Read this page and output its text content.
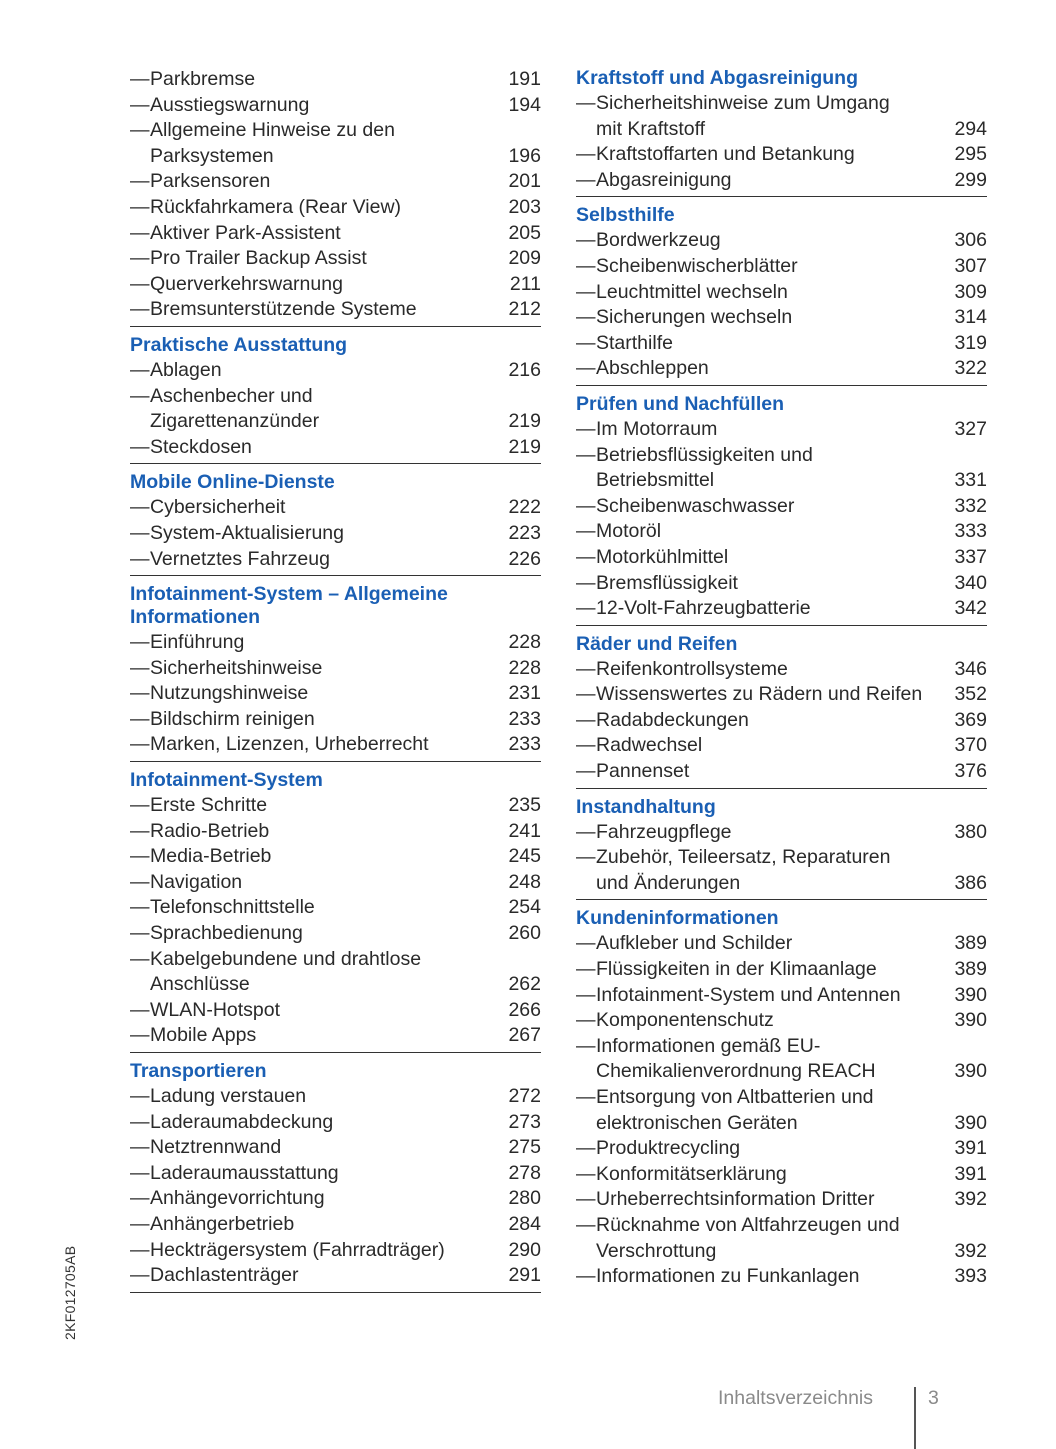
— Parkbremse	191
— Ausstiegswarnung	194
— Allgemeine Hinweise zu den
Parksystemen	196
— Parksensoren	201
— Rückfahrkamera (Rear View)	203
— Aktiver Park-Assistent	205
— Pro Trailer Backup Assist	209
— Querverkehrswarnung	211
— Bremsunterstützende Systeme	212
Praktische Ausstattung
— Ablagen	216
— Aschenbecher und
Zigarettenanzünder	219
— Steckdosen	219
Mobile Online-Dienste
— Cybersicherheit	222
— System-Aktualisierung	223
— Vernetztes Fahrzeug	226
Infotainment-System – Allgemeine
Informationen
— Einführung	228
— Sicherheitshinweise	228
— Nutzungshinweise	231
— Bildschirm reinigen	233
— Marken, Lizenzen, Urheberrecht	233
Infotainment-System
— Erste Schritte	235
— Radio-Betrieb	241
— Media-Betrieb	245
— Navigation	248
— Telefonschnittstelle	254
— Sprachbedienung	260
— Kabelgebundene und drahtlose
Anschlüsse	262
— WLAN-Hotspot	266
— Mobile Apps	267
Transportieren
— Ladung verstauen	272
— Laderaumabdeckung	273
— Netztrennwand	275
— Laderaumausstattung	278
— Anhängevorrichtung	280
— Anhängerbetrieb	284
— Heckträgersystem (Fahrradträger)	290
— Dachlastenträger	291
Kraftstoff und Abgasreinigung
— Sicherheitshinweise zum Umgang
mit Kraftstoff	294
— Kraftstoffarten und Betankung	295
— Abgasreinigung	299
Selbsthilfe
— Bordwerkzeug	306
— Scheibenwischerblätter	307
— Leuchtmittel wechseln	309
— Sicherungen wechseln	314
— Starthilfe	319
— Abschleppen	322
Prüfen und Nachfüllen
— Im Motorraum	327
— Betriebsflüssigkeiten und
Betriebsmittel	331
— Scheibenwaschwasser	332
— Motoröl	333
— Motorkühlmittel	337
— Bremsflüssigkeit	340
— 12-Volt-Fahrzeugbatterie	342
Räder und Reifen
— Reifenkontrollsysteme	346
— Wissenswertes zu Rädern und Reifen	352
— Radabdeckungen	369
— Radwechsel	370
— Pannenset	376
Instandhaltung
— Fahrzeugpflege	380
— Zubehör, Teileersatz, Reparaturen
und Änderungen	386
Kundeninformationen
— Aufkleber und Schilder	389
— Flüssigkeiten in der Klimaanlage	389
— Infotainment-System und Antennen	390
— Komponentenschutz	390
— Informationen gemäß EU-
Chemikalienverordnung REACH	390
— Entsorgung von Altbatterien und
elektronischen Geräten	390
— Produktrecycling	391
— Konformitätserklärung	391
— Urheberrechtsinformation Dritter	392
— Rücknahme von Altfahrzeugen und
Verschrottung	392
— Informationen zu Funkanlagen	393
2KF012705AB
Inhaltsverzeichnis	3
